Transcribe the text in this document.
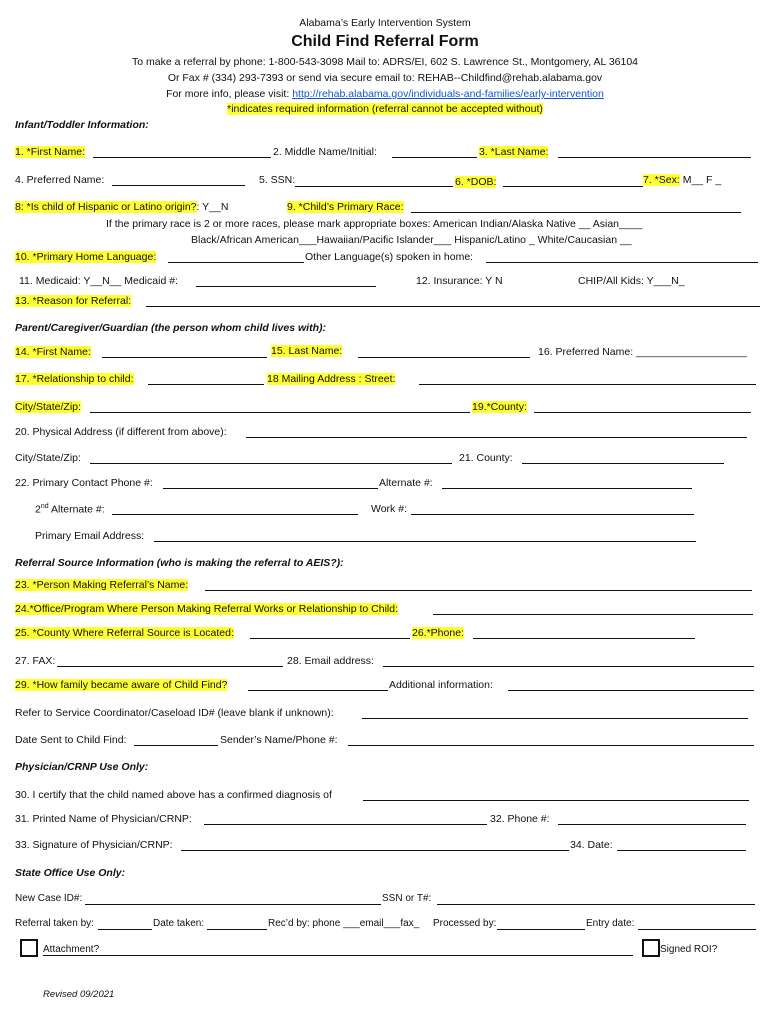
Alabama’s Early Intervention System
Child Find Referral Form
To make a referral by phone: 1-800-543-3098 Mail to: ADRS/EI, 602 S. Lawrence St., Montgomery, AL 36104
Or Fax # (334) 293-7393 or send via secure email to: REHAB--Childfind@rehab.alabama.gov
For more info, please visit: http://rehab.alabama.gov/individuals-and-families/early-intervention
*indicates required information (referral cannot be accepted without)
Infant/Toddler Information:
1. *First Name:	2. Middle Name/Initial:	3. *Last Name:
4. Preferred Name:	5. SSN:	6. *DOB:	7. *Sex: M__ F _
8: *Is child of Hispanic or Latino origin?: Y__N	9. *Child’s Primary Race:
If the primary race is 2 or more races, please mark appropriate boxes: American Indian/Alaska Native __ Asian____
Black/African American___Hawaiian/Pacific Islander___ Hispanic/Latino _ White/Caucasian __
10. *Primary Home Language:	Other Language(s) spoken in home:
11. Medicaid: Y__N__ Medicaid #:	12. Insurance: Y N	CHIP/All Kids: Y___N_
13. *Reason for Referral:
Parent/Caregiver/Guardian (the person whom child lives with):
14. *First Name:	15. Last Name:	16. Preferred Name: ___________________
17. *Relationship to child:	18 Mailing Address : Street:
City/State/Zip:	19.*County:
20. Physical Address (if different from above):
City/State/Zip:	21. County:
22. Primary Contact Phone #:	Alternate #:
2nd Alternate #:	Work #:
Primary Email Address:
Referral Source Information (who is making the referral to AEIS?):
23. *Person Making Referral’s Name:
24.*Office/Program Where Person Making Referral Works or Relationship to Child:
25. *County Where Referral Source is Located:	26.*Phone:
27. FAX:	28. Email address:
29. *How family became aware of Child Find?	Additional information:
Refer to Service Coordinator/Caseload ID# (leave blank if unknown):
Date Sent to Child Find:	Sender’s Name/Phone #:
Physician/CRNP Use Only:
30. I certify that the child named above has a confirmed diagnosis of
31. Printed Name of Physician/CRNP:	32. Phone #:
33. Signature of Physician/CRNP:	34. Date:
State Office Use Only:
New Case ID#:	SSN or T#:
Referral taken by:	Date taken:	Rec’d by: phone ___email___fax_ Processed by:	Entry date:
Attachment?	Signed ROI?
Revised 09/2021
